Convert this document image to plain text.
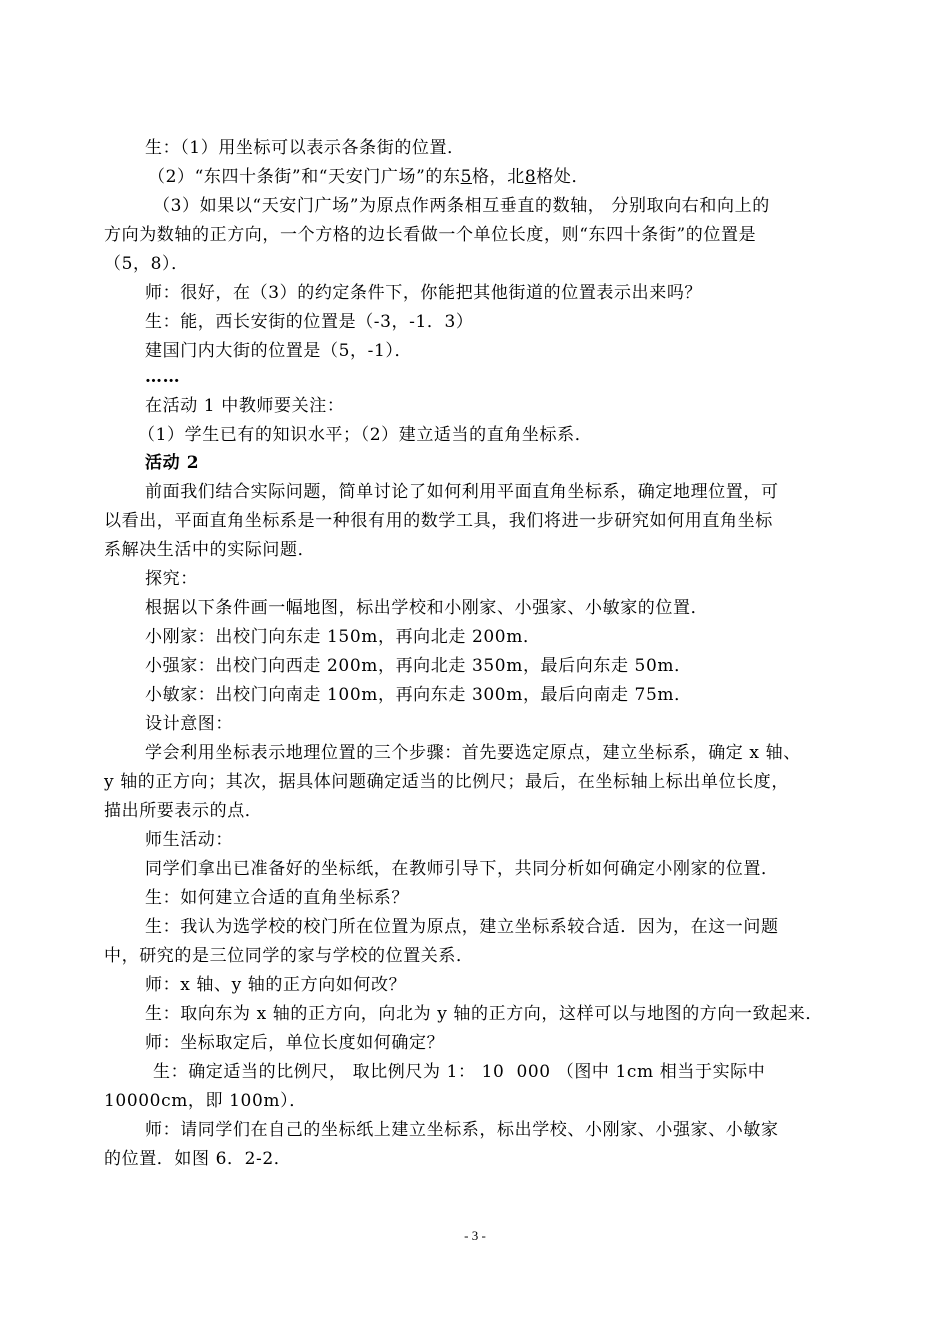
生：（1）用坐标可以表示各条街的位置．
（2）“东四十条街”和“天安门广场”的东5格，北8格处．
（3）如果以“天安门广场”为原点作两条相互垂直的数轴， 分别取向右和向上的
方向为数轴的正方向，一个方格的边长看做一个单位长度，则“东四十条街”的位置是
（5，8）．
师：很好，在（3）的约定条件下，你能把其他街道的位置表示出来吗？
生：能，西长安街的位置是（-3，-1．3）
建国门内大街的位置是（5，-1）．
……
在活动 1 中教师要关注：
（1）学生已有的知识水平；（2）建立适当的直角坐标系．
活动 2
前面我们结合实际问题，简单讨论了如何利用平面直角坐标系，确定地理位置，可
以看出，平面直角坐标系是一种很有用的数学工具，我们将进一步研究如何用直角坐标
系解决生活中的实际问题．
探究：
根据以下条件画一幅地图，标出学校和小刚家、小强家、小敏家的位置．
小刚家：出校门向东走 150m，再向北走 200m．
小强家：出校门向西走 200m，再向北走 350m，最后向东走 50m．
小敏家：出校门向南走 100m，再向东走 300m，最后向南走 75m．
设计意图：
学会利用坐标表示地理位置的三个步骤：首先要选定原点，建立坐标系，确定 x 轴、
y 轴的正方向；其次，据具体问题确定适当的比例尺；最后，在坐标轴上标出单位长度，
描出所要表示的点．
师生活动：
同学们拿出已准备好的坐标纸，在教师引导下，共同分析如何确定小刚家的位置．
生：如何建立合适的直角坐标系？
生：我认为选学校的校门所在位置为原点，建立坐标系较合适．因为，在这一问题
中，研究的是三位同学的家与学校的位置关系．
师：x 轴、y 轴的正方向如何改？
生：取向东为 x 轴的正方向，向北为 y 轴的正方向，这样可以与地图的方向一致起来．
师：坐标取定后，单位长度如何确定？
生：确定适当的比例尺， 取比例尺为 1： 10  000 （图中 1cm 相当于实际中
10000cm，即 100m）．
师：请同学们在自己的坐标纸上建立坐标系，标出学校、小刚家、小强家、小敏家
的位置．如图 6．2-2．
- 3 -
